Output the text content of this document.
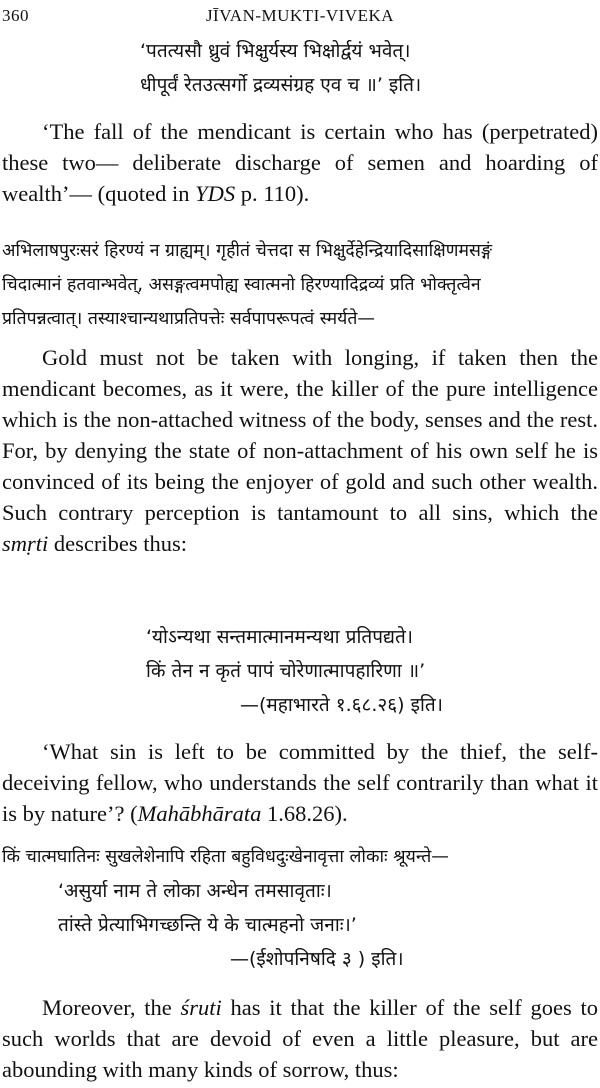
360	JĪVAN-MUKTI-VIVEKA
‘पतत्यसौ ध्रुवं भिक्षुर्यस्य भिक्षोर्द्वयं भवेत्।
धीपूर्वं रेतउत्सर्गो द्रव्यसंग्रह एव च ॥’ इति।

‘The fall of the mendicant is certain who has (perpetrated) these two— deliberate discharge of semen and hoarding of wealth’— (quoted in YDS p. 110).

अभिलाषपुरःसरं हिरण्यं न ग्राह्यम्। गृहीतं चेत्तदा स भिक्षुर्देहेन्द्रियादिसाक्षिणमसङ्गं
चिदात्मानं हतवान्भवेत्, असङ्गत्वमपोह्य स्वात्मनो हिरण्यादिद्रव्यं प्रति भोक्तृत्वेन
प्रतिपन्नत्वात्। तस्याश्चान्यथाप्रतिपत्तेः सर्वपापरूपत्वं स्मर्यते—

Gold must not be taken with longing, if taken then the mendicant becomes, as it were, the killer of the pure intelligence which is the non-attached witness of the body, senses and the rest. For, by denying the state of non-attachment of his own self he is convinced of its being the enjoyer of gold and such other wealth. Such contrary perception is tantamount to all sins, which the smṛti describes thus:

‘योऽन्यथा सन्तमात्मानमन्यथा प्रतिपद्यते।
किं तेन न कृतं पापं चोरेणात्मापहारिणा ॥’
—(महाभारते १.६८.२६) इति।

‘What sin is left to be committed by the thief, the self-deceiving fellow, who understands the self contrarily than what it is by nature’? (Mahābhārata 1.68.26).

किं चात्मघातिनः सुखलेशेनापि रहिता बहुविधदुःखेनावृत्ता लोकाः श्रूयन्ते—
‘असुर्या नाम ते लोका अन्धेन तमसावृताः।
तांस्ते प्रेत्याभिगच्छन्ति ये के चात्महनो जनाः।’
—(ईशोपनिषदि ३ ) इति।

Moreover, the śruti has it that the killer of the self goes to such worlds that are devoid of even a little pleasure, but are abounding with many kinds of sorrow, thus:
